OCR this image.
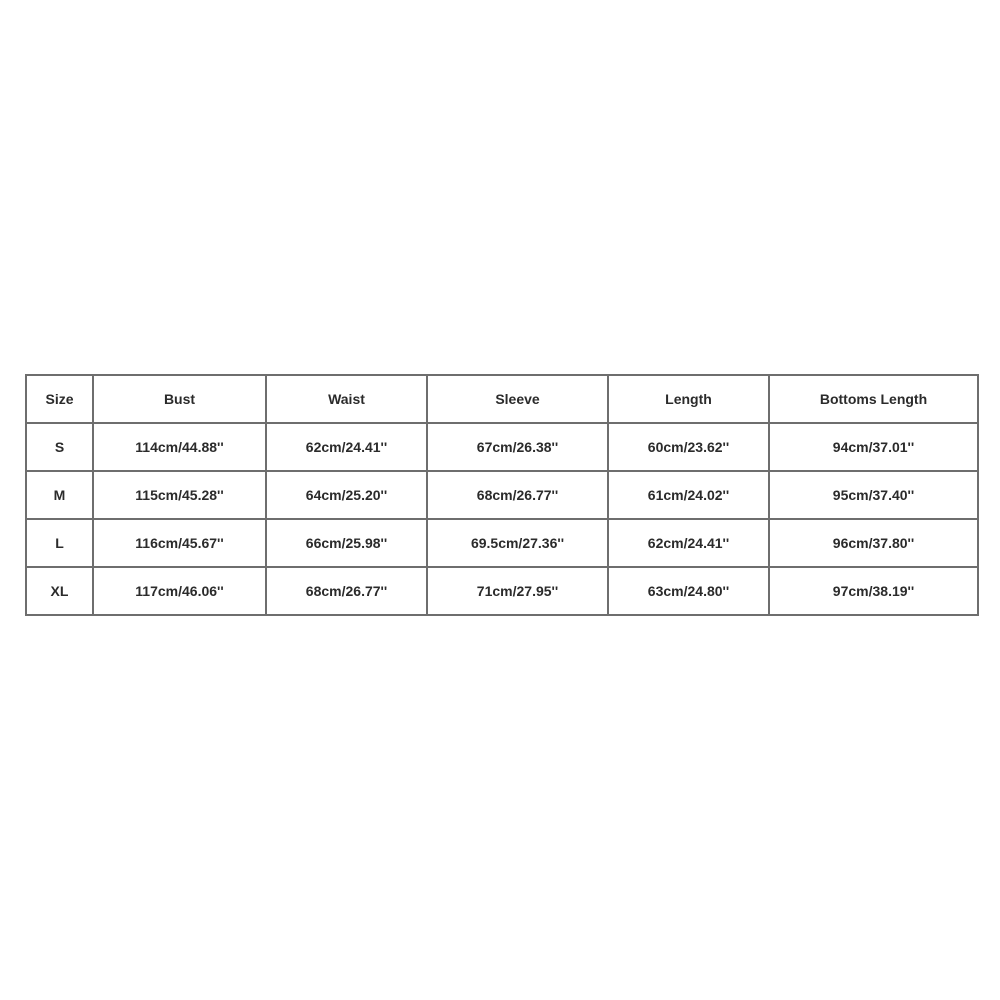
Size	Bust	Waist	Sleeve	Length	Bottoms Length
S	114cm/44.88''	62cm/24.41''	67cm/26.38''	60cm/23.62''	94cm/37.01''
M	115cm/45.28''	64cm/25.20''	68cm/26.77''	61cm/24.02''	95cm/37.40''
L	116cm/45.67''	66cm/25.98''	69.5cm/27.36''	62cm/24.41''	96cm/37.80''
XL	117cm/46.06''	68cm/26.77''	71cm/27.95''	63cm/24.80''	97cm/38.19''
